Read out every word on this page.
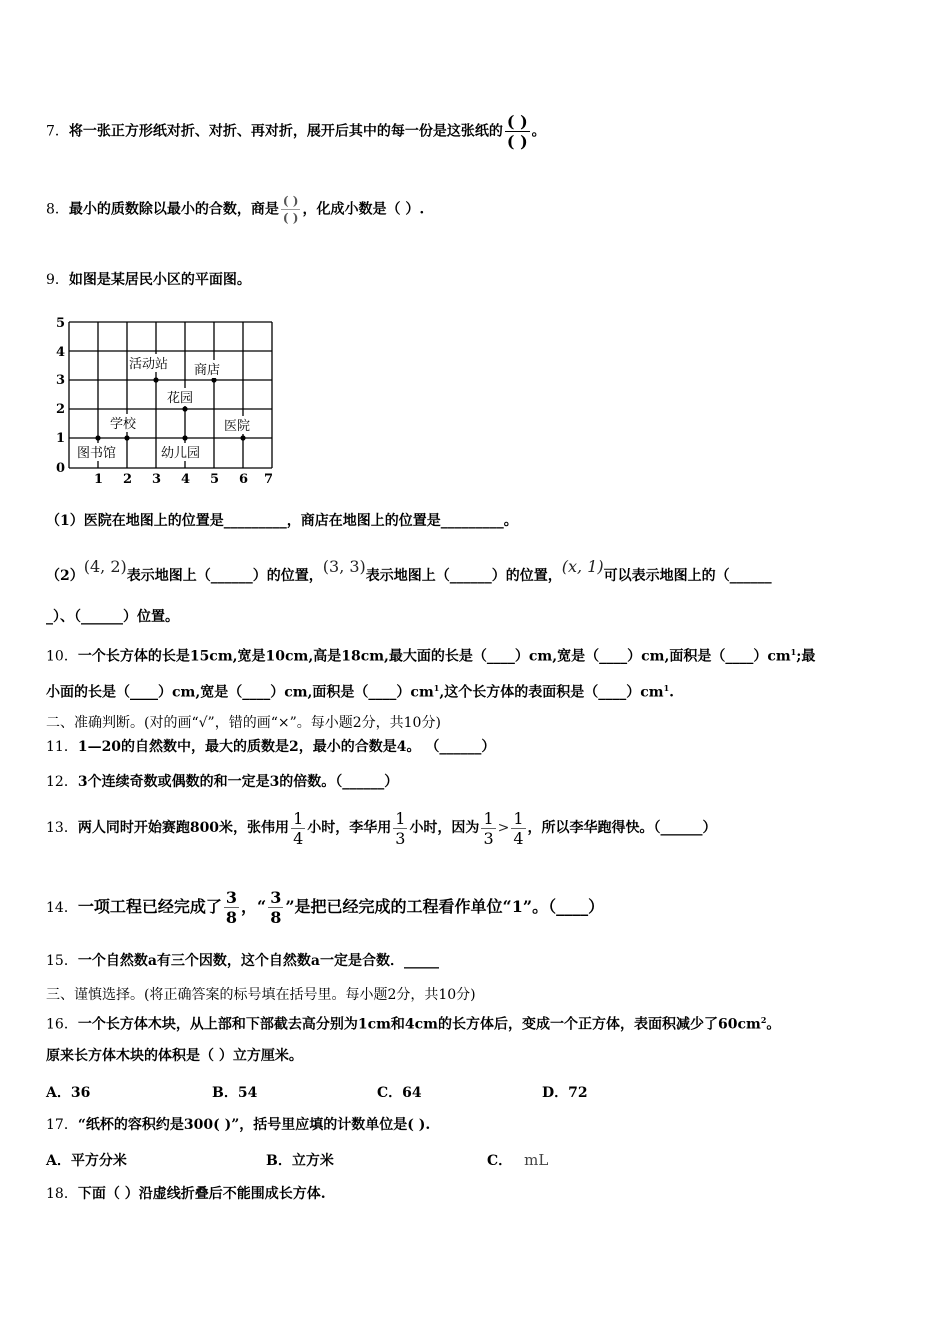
7．将一张正方形纸对折、对折、再对折，展开后其中的每一份是这张纸的 $\frac{( )}{( )}$ 。
8．最小的质数除以最小的合数，商是 $\frac{( )}{( )}$ ，化成小数是（ ）.
9．如图是某居民小区的平面图。
5
4
3
2
1
0
1 2 3 4 5 6 7
活动站 商店
花园
学校	医院
图书馆	幼儿园
（1）医院在地图上的位置是_________，商店在地图上的位置是_________。
（2）(4, 2)表示地图上（______）的位置，(3, 3)表示地图上（______）的位置，(x, 1)可以表示地图上的（______
_）、（______）位置。
10．一个长方体的长是15cm,宽是10cm,高是18cm,最大面的长是（____）cm,宽是（____）cm,面积是$(\_\_\_\_)cm^1$;最
小面的长是（____）cm,宽是（____）cm,面积是$(\_\_\_\_)cm^1$,这个长方体的表面积是$(\_\_\_\_)cm^1$.
二、准确判断。(对的画“√”，错的画“×”。每小题2分，共10分)
11．1—20的自然数中，最大的质数是2，最小的合数是4。 （______）
12．3个连续奇数或偶数的和一定是3的倍数。（______）
13．两人同时开始赛跑800米，张伟用 $\frac{1}{4}$ 小时，李华用 $\frac{1}{3}$ 小时，因为 $\frac{1}{3} > \frac{1}{4}$ ，所以李华跑得快。（______）
14．一项工程已经完成了 $\frac{3}{8}$ ，“ $\frac{3}{8}$ ”是把已经完成的工程看作单位“1”。（____）
15．一个自然数a有三个因数，这个自然数a一定是合数．_____
三、谨慎选择。(将正确答案的标号填在括号里。每小题2分，共10分)
16．一个长方体木块，从上部和下部截去高分别为1cm和4cm的长方体后，变成一个正方体，表面积减少了$60cm^2$。
原来长方体木块的体积是（ ）立方厘米。
A．36	B．54	C．64	D．72
17．“纸杯的容积约是300( )”，括号里应填的计数单位是( ).
A．平方分米	B．立方米	C． mL
18．下面（ ）沿虚线折叠后不能围成长方体.
